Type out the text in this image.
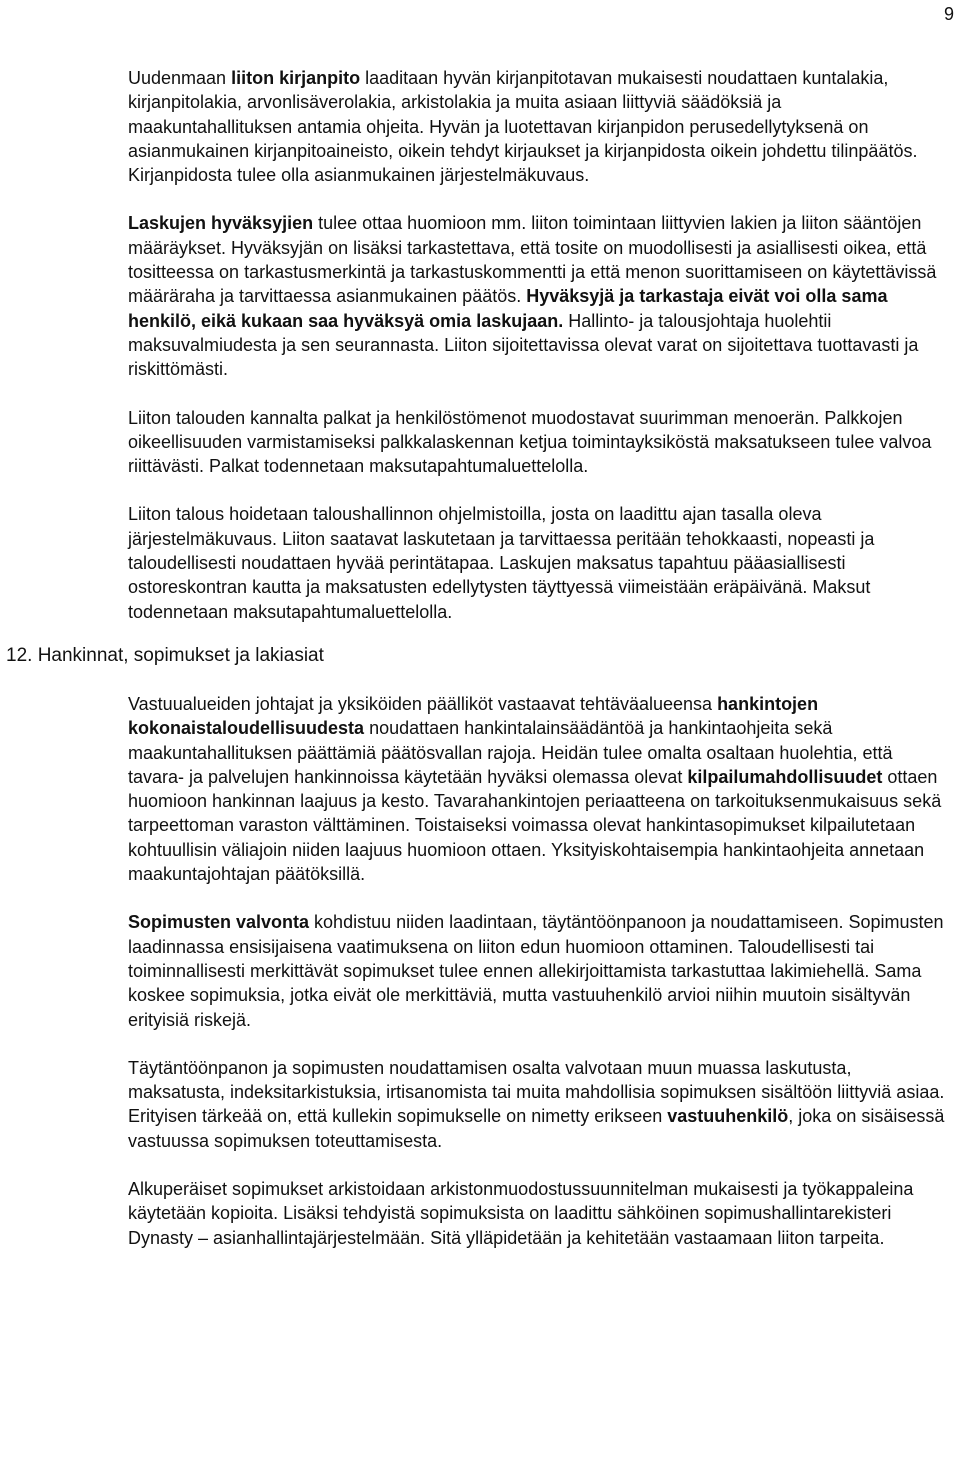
9

Uudenmaan liiton kirjanpito laaditaan hyvän kirjanpitotavan mukaisesti noudattaen kuntalakia, kirjanpitolakia, arvonlisäverolakia, arkistolakia ja muita asiaan liittyviä säädöksiä ja maakuntahallituksen antamia ohjeita. Hyvän ja luotettavan kirjanpidon perusedellytyksenä on asianmukainen kirjanpitoaineisto, oikein tehdyt kirjaukset ja kirjanpidosta oikein johdettu tilinpäätös. Kirjanpidosta tulee olla asianmukainen järjestelmäkuvaus.

Laskujen hyväksyjien tulee ottaa huomioon mm. liiton toimintaan liittyvien lakien ja liiton sääntöjen määräykset. Hyväksyjän on lisäksi tarkastettava, että tosite on muodollisesti ja asiallisesti oikea, että tositteessa on tarkastusmerkintä ja tarkastuskommentti ja että menon suorittamiseen on käytettävissä määräraha ja tarvittaessa asianmukainen päätös. Hyväksyjä ja tarkastaja eivät voi olla sama henkilö, eikä kukaan saa hyväksyä omia laskujaan. Hallinto- ja talousjohtaja huolehtii maksuvalmiudesta ja sen seurannasta. Liiton sijoitettavissa olevat varat on sijoitettava tuottavasti ja riskittömästi.

Liiton talouden kannalta palkat ja henkilöstömenot muodostavat suurimman menoerän. Palkkojen oikeellisuuden varmistamiseksi palkkalaskennan ketjua toimintayksiköstä maksatukseen tulee valvoa riittävästi. Palkat todennetaan maksutapahtumaluettelolla.

Liiton talous hoidetaan taloushallinnon ohjelmistoilla, josta on laadittu ajan tasalla oleva järjestelmäkuvaus. Liiton saatavat laskutetaan ja tarvittaessa peritään tehokkaasti, nopeasti ja taloudellisesti noudattaen hyvää perintätapaa. Laskujen maksatus tapahtuu pääasiallisesti ostoreskontran kautta ja maksatusten edellytysten täyttyessä viimeistään eräpäivänä. Maksut todennetaan maksutapahtumaluettelolla.

12. Hankinnat, sopimukset ja lakiasiat

Vastuualueiden johtajat ja yksiköiden päälliköt vastaavat tehtäväalueensa hankintojen kokonaistaloudellisuudesta noudattaen hankintalainsäädäntöä ja hankintaohjeita sekä maakuntahallituksen päättämiä päätösvallan rajoja. Heidän tulee omalta osaltaan huolehtia, että tavara- ja palvelujen hankinnoissa käytetään hyväksi olemassa olevat kilpailumahdollisuudet ottaen huomioon hankinnan laajuus ja kesto. Tavarahankintojen periaatteena on tarkoituksenmukaisuus sekä tarpeettoman varaston välttäminen. Toistaiseksi voimassa olevat hankintasopimukset kilpailutetaan kohtuullisin väliajoin niiden laajuus huomioon ottaen. Yksityiskohtaisempia hankintaohjeita annetaan maakuntajohtajan päätöksillä.

Sopimusten valvonta kohdistuu niiden laadintaan, täytäntöönpanoon ja noudattamiseen. Sopimusten laadinnassa ensisijaisena vaatimuksena on liiton edun huomioon ottaminen. Taloudellisesti tai toiminnallisesti merkittävät sopimukset tulee ennen allekirjoittamista tarkastuttaa lakimiehellä. Sama koskee sopimuksia, jotka eivät ole merkittäviä, mutta vastuuhenkilö arvioi niihin muutoin sisältyvän erityisiä riskejä.

Täytäntöönpanon ja sopimusten noudattamisen osalta valvotaan muun muassa laskutusta, maksatusta, indeksitarkistuksia, irtisanomista tai muita mahdollisia sopimuksen sisältöön liittyviä asiaa. Erityisen tärkeää on, että kullekin sopimukselle on nimetty erikseen vastuuhenkilö, joka on sisäisessä vastuussa sopimuksen toteuttamisesta.

Alkuperäiset sopimukset arkistoidaan arkistonmuodostussuunnitelman mukaisesti ja työkappaleina käytetään kopioita. Lisäksi tehdyistä sopimuksista on laadittu sähköinen sopimushallintarekisteri Dynasty – asianhallintajärjestelmään. Sitä ylläpidetään ja kehitetään vastaamaan liiton tarpeita.
